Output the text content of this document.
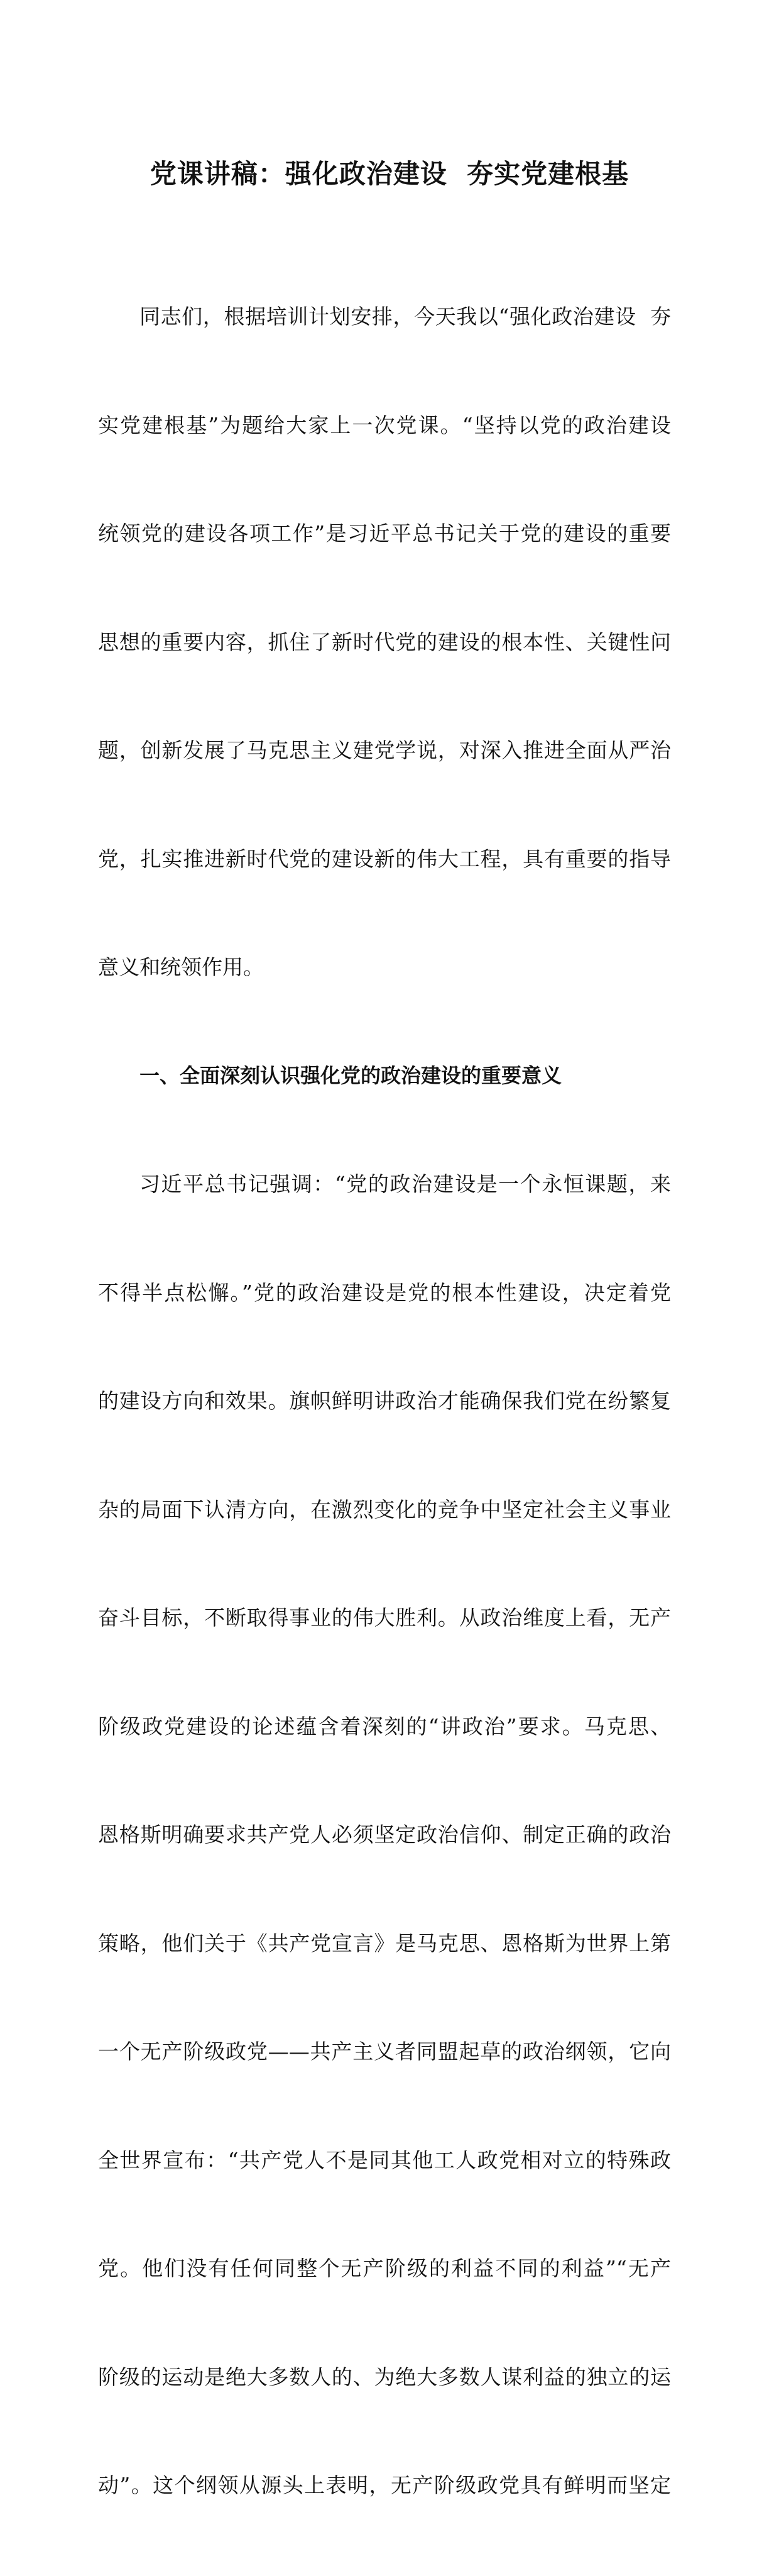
党课讲稿：强化政治建设  夯实党建根基

同志们，根据培训计划安排，今天我以“强化政治建设  夯

实党建根基”为题给大家上一次党课。“坚持以党的政治建设

统领党的建设各项工作”是习近平总书记关于党的建设的重要

思想的重要内容，抓住了新时代党的建设的根本性、关键性问

题，创新发展了马克思主义建党学说，对深入推进全面从严治

党，扎实推进新时代党的建设新的伟大工程，具有重要的指导

意义和统领作用。

一、全面深刻认识强化党的政治建设的重要意义

习近平总书记强调：“党的政治建设是一个永恒课题，来

不得半点松懈。”党的政治建设是党的根本性建设，决定着党

的建设方向和效果。旗帜鲜明讲政治才能确保我们党在纷繁复

杂的局面下认清方向，在激烈变化的竞争中坚定社会主义事业

奋斗目标，不断取得事业的伟大胜利。从政治维度上看，无产

阶级政党建设的论述蕴含着深刻的“讲政治”要求。马克思、

恩格斯明确要求共产党人必须坚定政治信仰、制定正确的政治

策略，他们关于《共产党宣言》是马克思、恩格斯为世界上第

一个无产阶级政党——共产主义者同盟起草的政治纲领，它向

全世界宣布：“共产党人不是同其他工人政党相对立的特殊政

党。他们没有任何同整个无产阶级的利益不同的利益”“无产

阶级的运动是绝大多数人的、为绝大多数人谋利益的独立的运

动”。这个纲领从源头上表明，无产阶级政党具有鲜明而坚定
